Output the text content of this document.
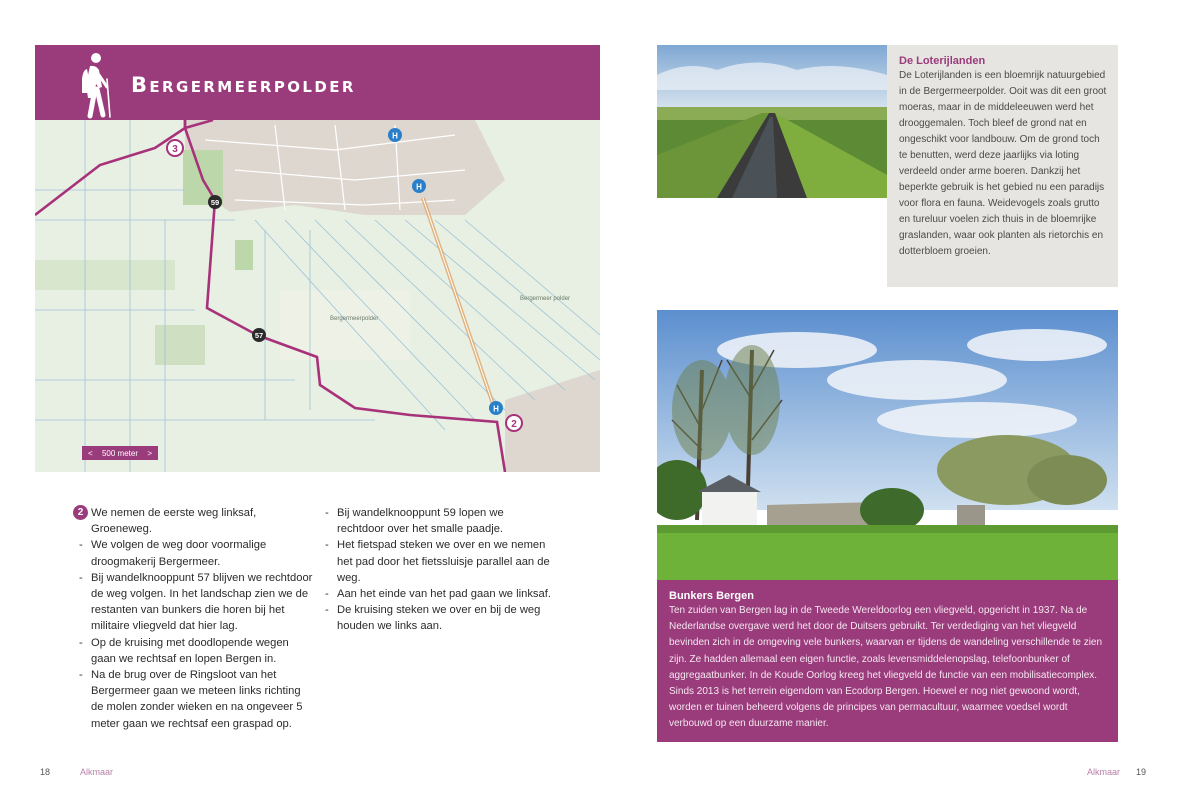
Bergermeerpolder
3
59
57
2
H
H
H
Bergermeerpolder
Bergermeer polder
< 500 meter >
2 We nemen de eerste weg linksaf, Groeneweg.
- We volgen de weg door voormalige droogmakerij Bergermeer.
- Bij wandelknooppunt 57 blijven we rechtdoor de weg volgen. In het landschap zien we de restanten van bunkers die horen bij het militaire vliegveld dat hier lag.
- Op de kruising met doodlopende wegen gaan we rechtsaf en lopen Bergen in.
- Na de brug over de Ringsloot van het Bergermeer gaan we meteen links richting de molen zonder wieken en na ongeveer 5 meter gaan we rechtsaf een graspad op.
- Bij wandelknooppunt 59 lopen we rechtdoor over het smalle paadje.
- Het fietspad steken we over en we nemen het pad door het fietssluisje parallel aan de weg.
- Aan het einde van het pad gaan we linksaf.
- De kruising steken we over en bij de weg houden we links aan.
18	Alkmaar
De Loterijlanden
De Loterijlanden is een bloemrijk natuurgebied in de Bergermeerpolder. Ooit was dit een groot moeras, maar in de middeleeuwen werd het drooggemalen. Toch bleef de grond nat en ongeschikt voor landbouw. Om de grond toch te benutten, werd deze jaarlijks via loting verdeeld onder arme boeren. Dankzij het beperkte gebruik is het gebied nu een paradijs voor flora en fauna. Weidevogels zoals grutto en tureluur voelen zich thuis in de bloemrijke graslanden, waar ook planten als rietorchis en dotterbloem groeien.
Bunkers Bergen
Ten zuiden van Bergen lag in de Tweede Wereldoorlog een vliegveld, opgericht in 1937. Na de Nederlandse overgave werd het door de Duitsers gebruikt. Ter verdediging van het vliegveld bevinden zich in de omgeving vele bunkers, waarvan er tijdens de wandeling verschillende te zien zijn. Ze hadden allemaal een eigen functie, zoals levensmiddelenopslag, telefoonbunker of aggregaatbunker. In de Koude Oorlog kreeg het vliegveld de functie van een mobilisatiecomplex. Sinds 2013 is het terrein eigendom van Ecodorp Bergen. Hoewel er nog niet gewoond wordt, worden er tuinen beheerd volgens de principes van permacultuur, waarmee voedsel wordt verbouwd op een duurzame manier.
Alkmaar 19
